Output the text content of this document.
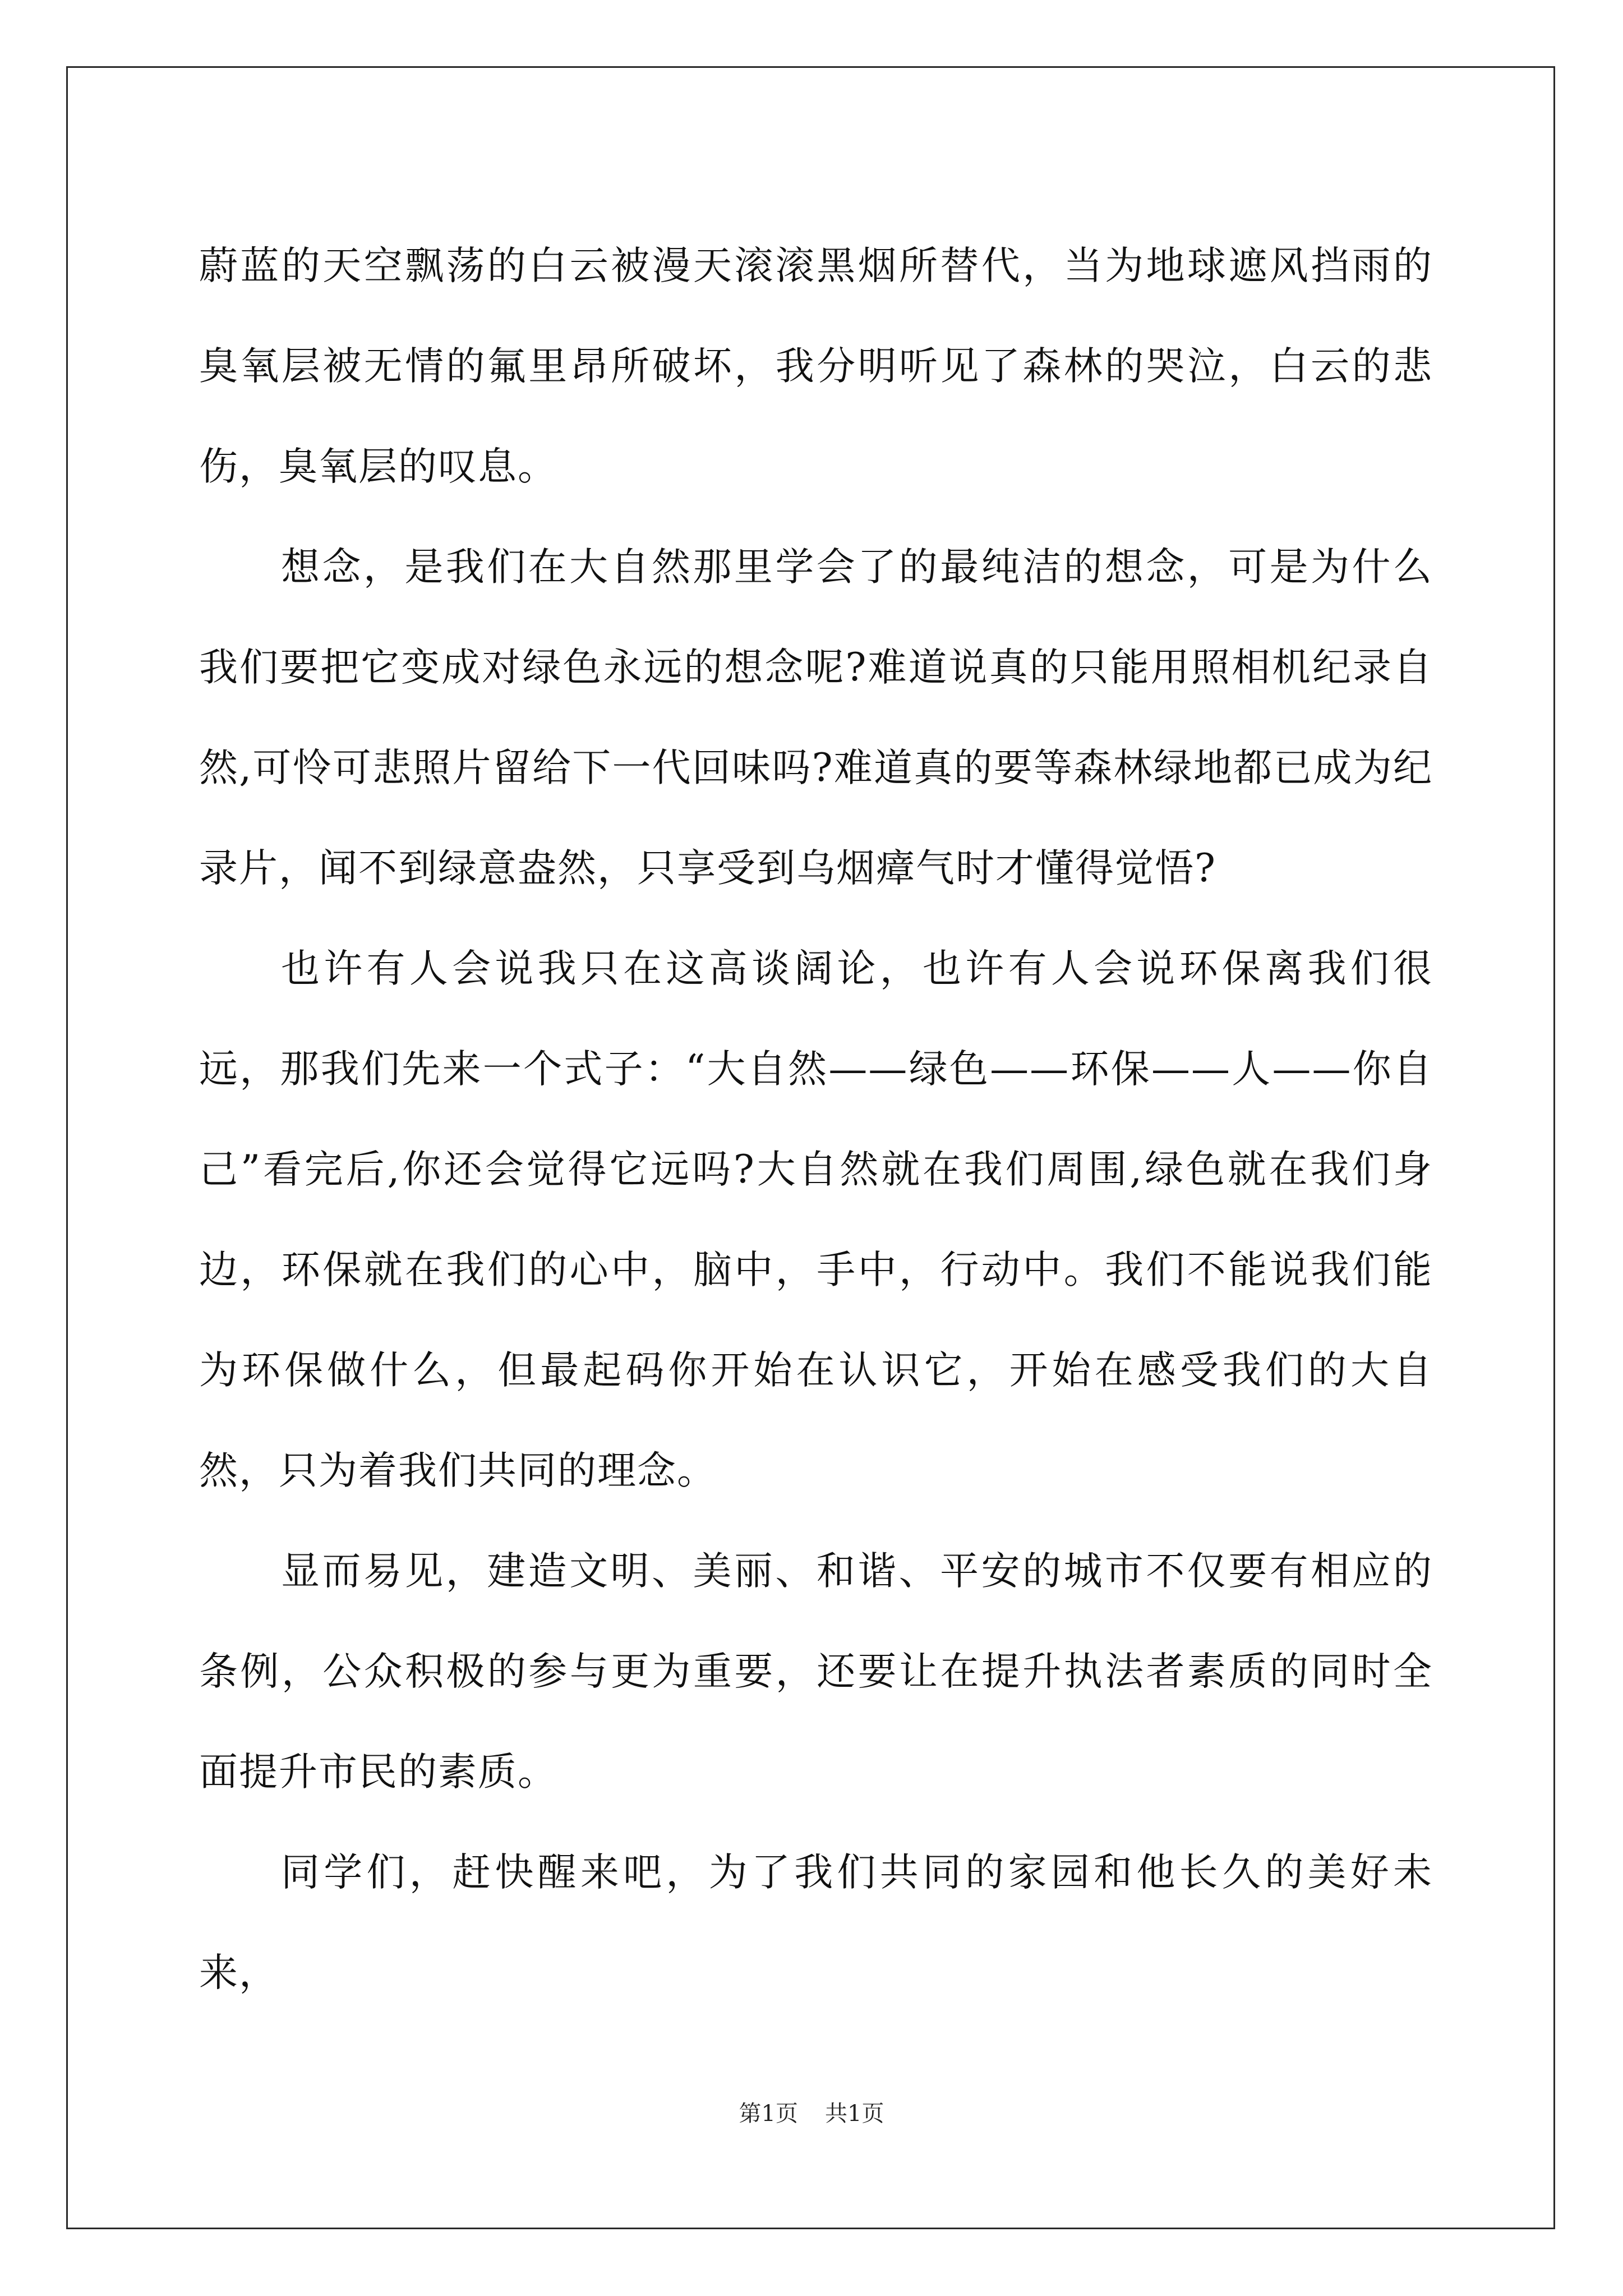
蔚蓝的天空飘荡的白云被漫天滚滚黑烟所替代，当为地球遮风挡雨的臭氧层被无情的氟里昂所破坏，我分明听见了森林的哭泣，白云的悲伤，臭氧层的叹息。

想念，是我们在大自然那里学会了的最纯洁的想念，可是为什么我们要把它变成对绿色永远的想念呢?难道说真的只能用照相机纪录自然,可怜可悲照片留给下一代回味吗?难道真的要等森林绿地都已成为纪录片，闻不到绿意盎然，只享受到乌烟瘴气时才懂得觉悟?

也许有人会说我只在这高谈阔论，也许有人会说环保离我们很远，那我们先来一个式子：“大自然——绿色——环保——人——你自己”看完后,你还会觉得它远吗?大自然就在我们周围,绿色就在我们身边，环保就在我们的心中，脑中，手中，行动中。我们不能说我们能为环保做什么，但最起码你开始在认识它，开始在感受我们的大自然，只为着我们共同的理念。

显而易见，建造文明、美丽、和谐、平安的城市不仅要有相应的条例，公众积极的参与更为重要，还要让在提升执法者素质的同时全面提升市民的素质。

同学们，赶快醒来吧，为了我们共同的家园和他长久的美好未来，

第1页 共1页
